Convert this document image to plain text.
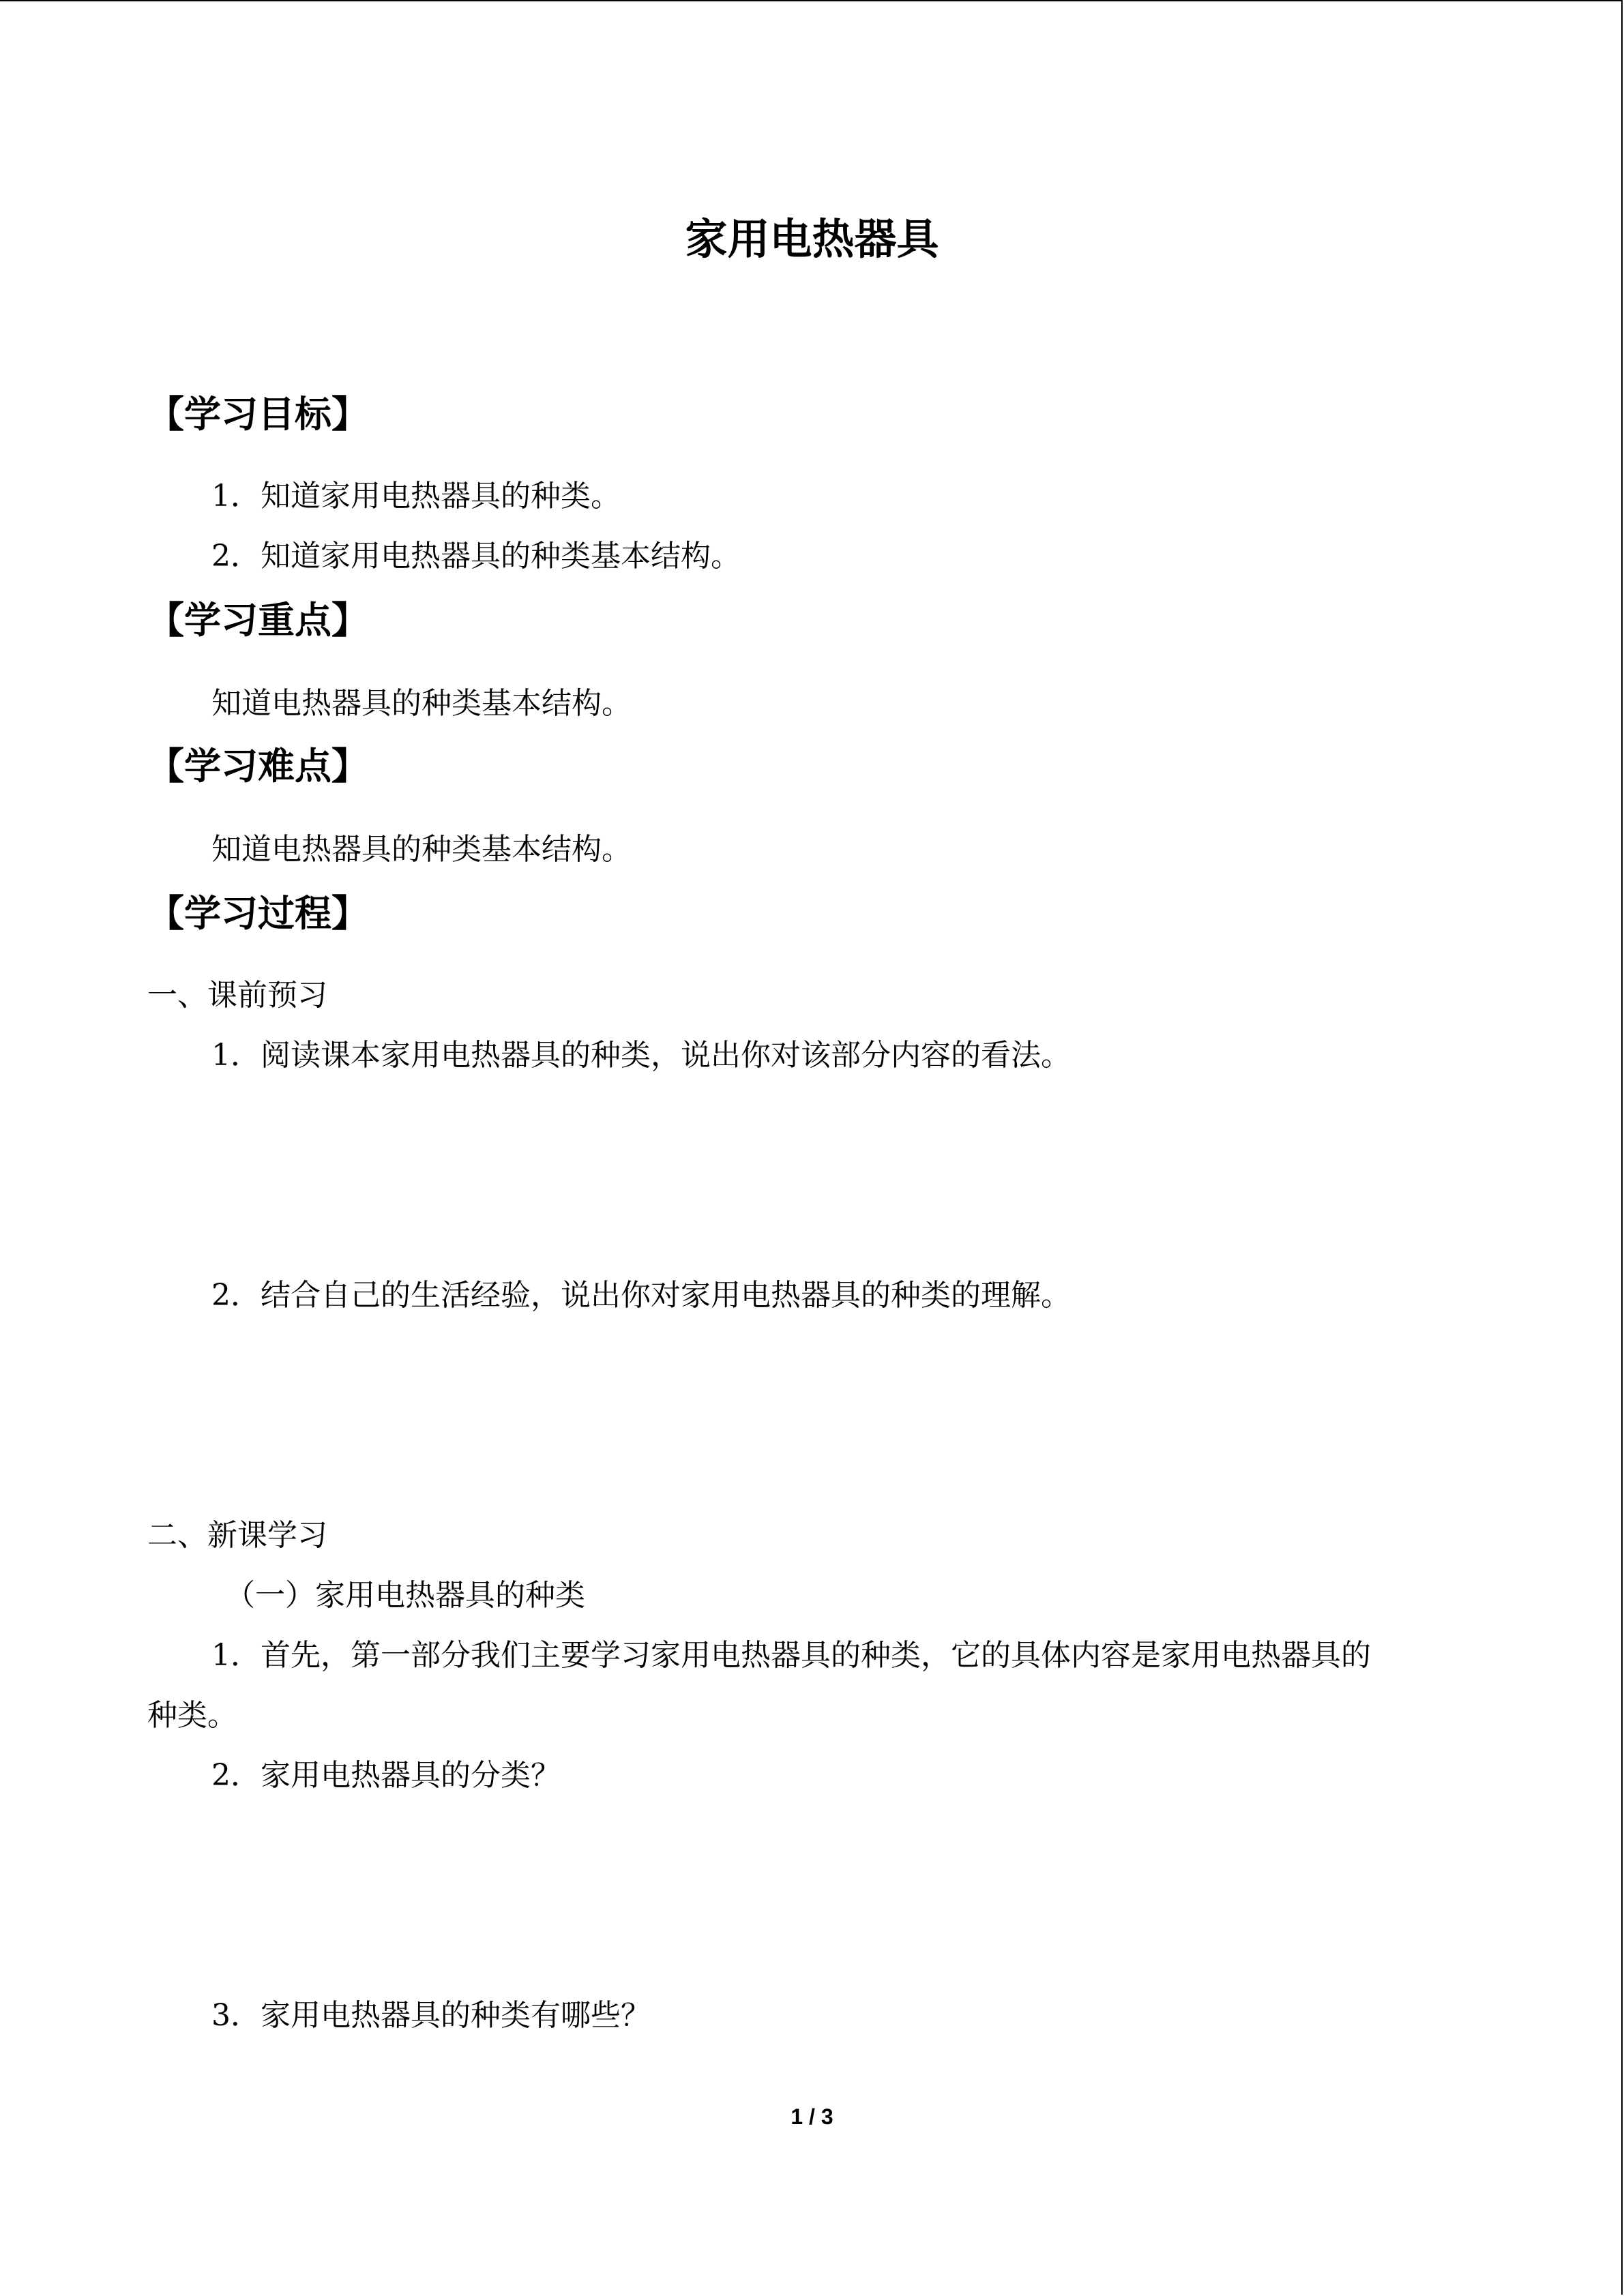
家用电热器具
【学习目标】
1．知道家用电热器具的种类。
2．知道家用电热器具的种类基本结构。
【学习重点】
知道电热器具的种类基本结构。
【学习难点】
知道电热器具的种类基本结构。
【学习过程】
一、课前预习
1．阅读课本家用电热器具的种类，说出你对该部分内容的看法。
2．结合自己的生活经验，说出你对家用电热器具的种类的理解。
二、新课学习
（一）家用电热器具的种类
1．首先，第一部分我们主要学习家用电热器具的种类，它的具体内容是家用电热器具的
种类。
2．家用电热器具的分类？
3．家用电热器具的种类有哪些？
1 / 3
